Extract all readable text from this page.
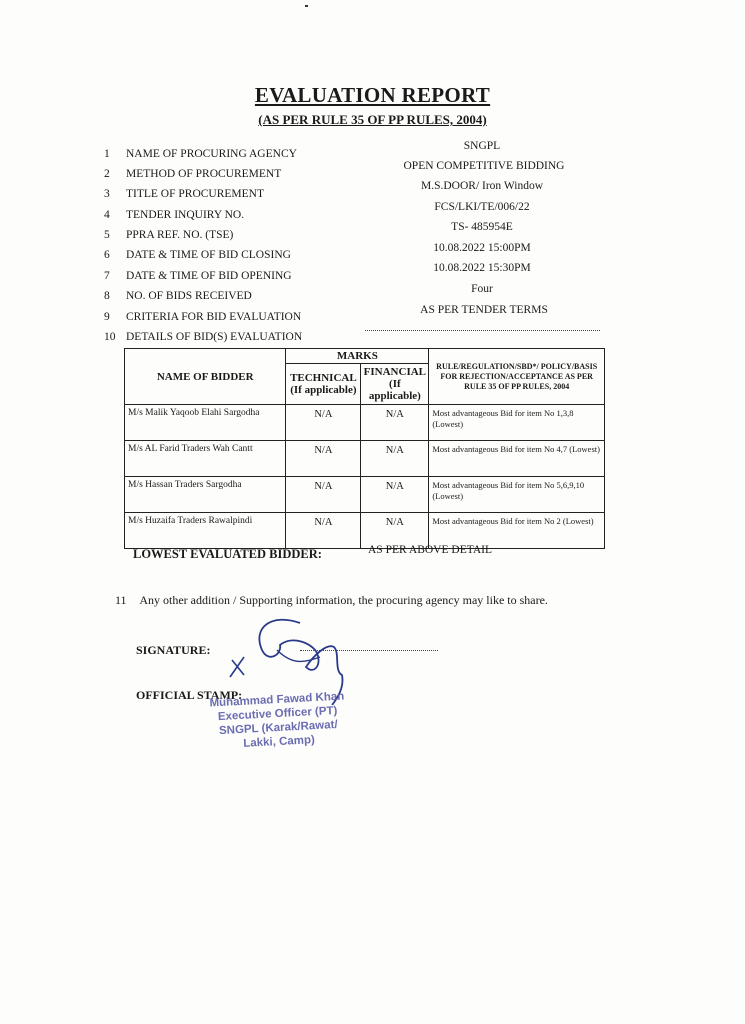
EVALUATION REPORT
(AS PER RULE 35 OF PP RULES, 2004)
1	NAME OF PROCURING AGENCY
SNGPL
2	METHOD OF PROCUREMENT
OPEN COMPETITIVE BIDDING
3	TITLE OF PROCUREMENT
M.S.DOOR/ Iron Window
4	TENDER INQUIRY NO.
FCS/LKI/TE/006/22
5	PPRA REF. NO. (TSE)
TS- 485954E
6	DATE & TIME OF BID CLOSING
10.08.2022 15:00PM
7	DATE & TIME OF BID OPENING
10.08.2022 15:30PM
8	NO. OF BIDS RECEIVED
Four
9	CRITERIA FOR BID EVALUATION
AS PER TENDER TERMS
10 DETAILS OF BID(S) EVALUATION
NAME OF BIDDER	MARKS		RULE/REGULATION/SBD*/ POLICY/BASIS FOR REJECTION/ACCEPTANCE AS PER RULE 35 OF PP RULES, 2004
	TECHNICAL (If applicable)	FINANCIAL (If applicable)	
M/s Malik Yaqoob Elahi Sargodha	N/A	N/A	Most advantageous Bid for item No 1,3,8 (Lowest)
M/s AL Farid Traders Wah Cantt	N/A	N/A	Most advantageous Bid for item No 4,7 (Lowest)
M/s Hassan Traders Sargodha	N/A	N/A	Most advantageous Bid for item No 5,6,9,10 (Lowest)
M/s Huzaifa Traders Rawalpindi	N/A	N/A	Most advantageous Bid for item No 2 (Lowest)
LOWEST EVALUATED BIDDER:	AS PER ABOVE DETAIL
11 Any other addition / Supporting information, the procuring agency may like to share.
SIGNATURE:
OFFICIAL STAMP:
Muhammad Fawad Khan
Executive Officer (PT)
SNGPL (Karak/Rawat/
Lakki, Camp)
